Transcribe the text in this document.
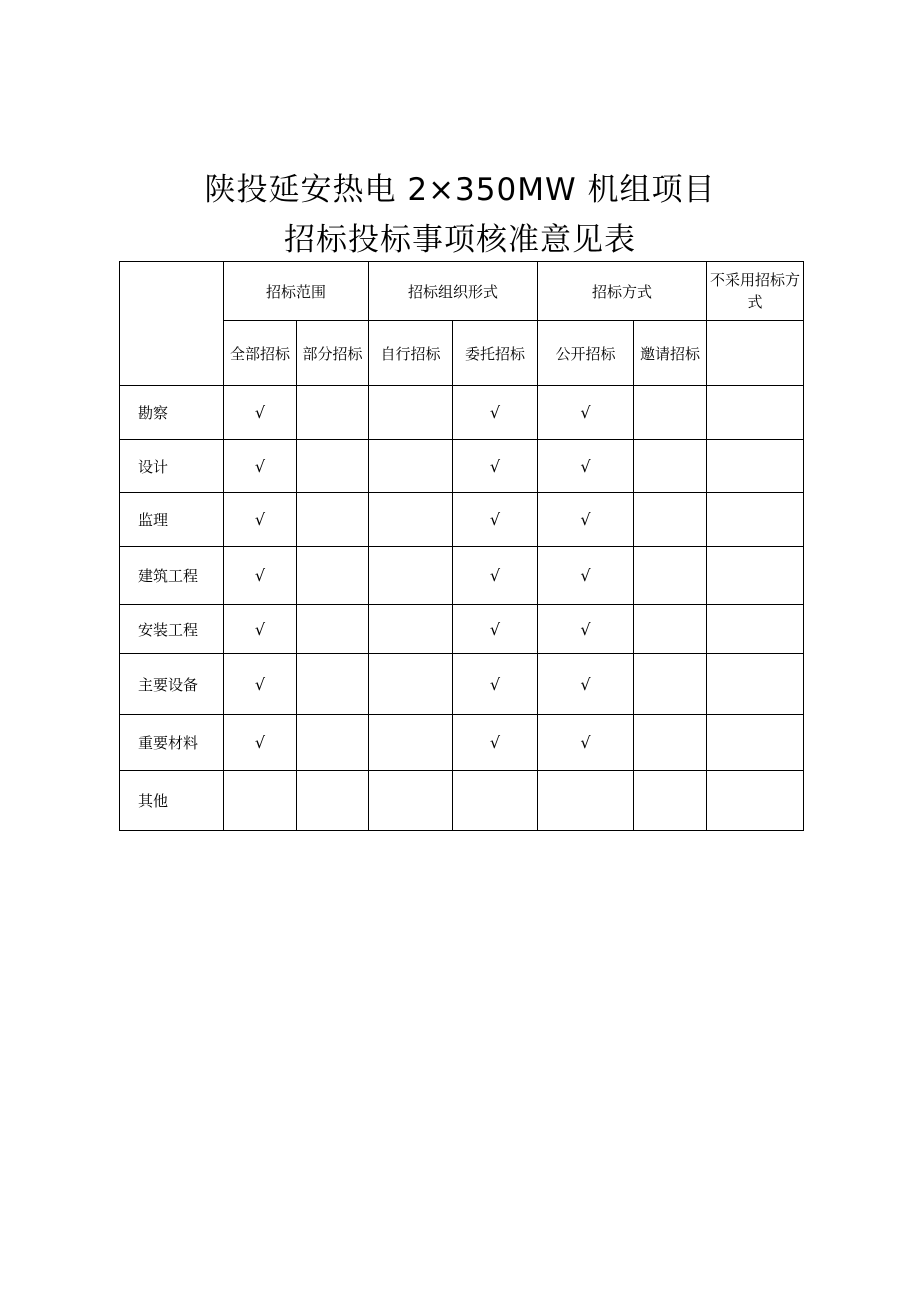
陕投延安热电 2×350MW 机组项目
招标投标事项核准意见表
	招标范围		招标组织形式		招标方式		不采用招标方式
	全部招标	部分招标	自行招标	委托招标	公开招标	邀请招标	
勘察	√			√	√		
设计	√			√	√		
监理	√			√	√		
建筑工程	√			√	√		
安装工程	√			√	√		
主要设备	√			√	√		
重要材料	√			√	√		
其他							
